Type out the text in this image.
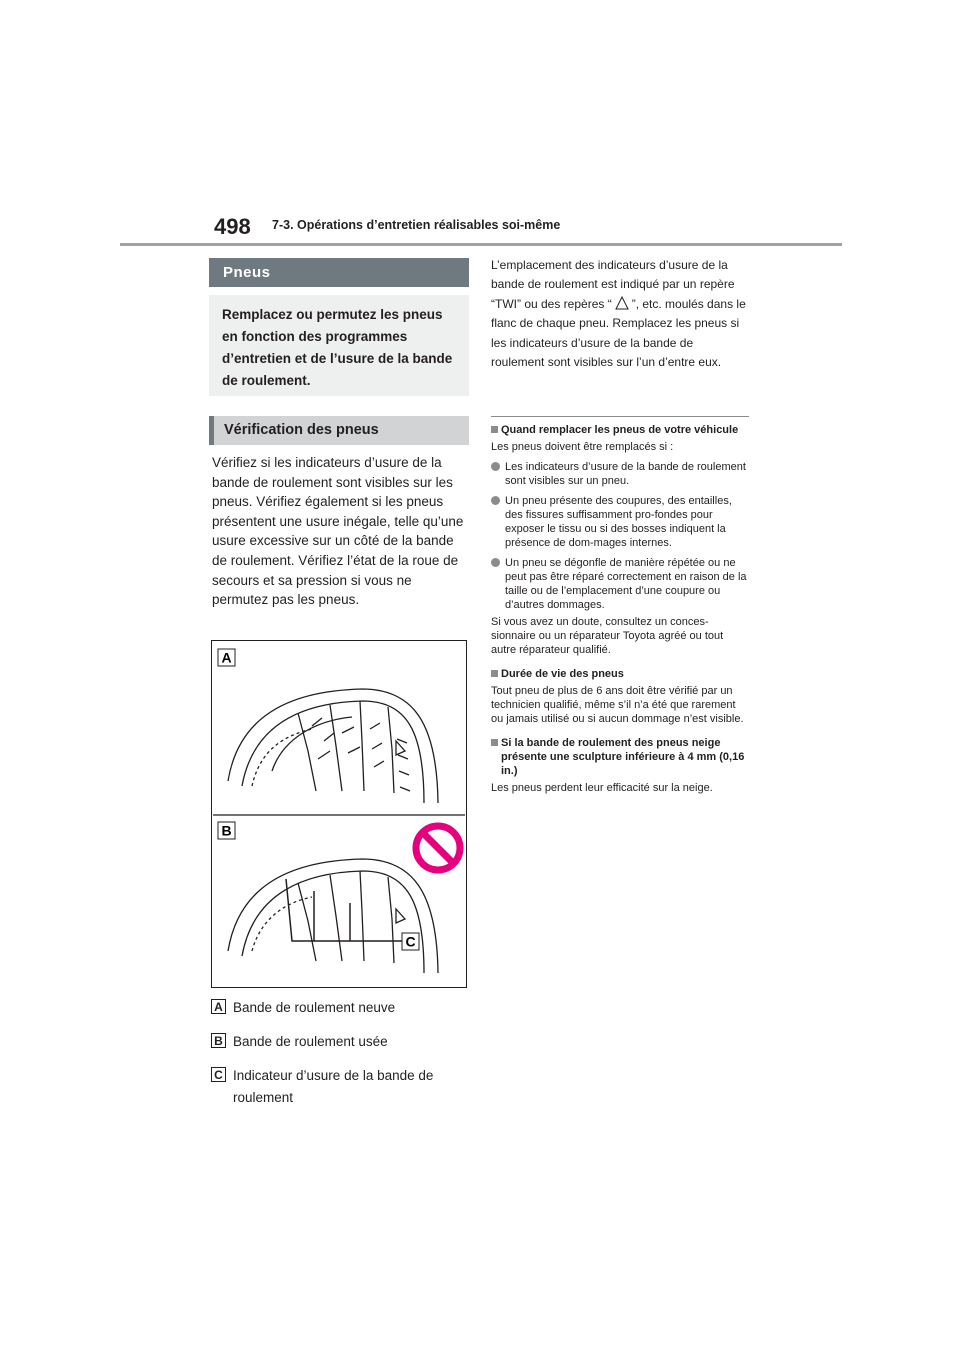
498 7-3. Opérations d’entretien réalisables soi-même
Pneus
Remplacez ou permutez les pneus en fonction des programmes d’entretien et de l’usure de la bande de roulement.
Vérification des pneus
Vérifiez si les indicateurs d’usure de la bande de roulement sont visibles sur les pneus. Vérifiez également si les pneus présentent une usure inégale, telle qu’une usure excessive sur un côté de la bande de roulement. Vérifiez l’état de la roue de secours et sa pression si vous ne permutez pas les pneus.
A
B
C
A Bande de roulement neuve
B Bande de roulement usée
C Indicateur d’usure de la bande de roulement
L’emplacement des indicateurs d’usure de la bande de roulement est indiqué par un repère “TWI” ou des repères “ ”, etc. moulés dans le flanc de chaque pneu. Remplacez les pneus si les indicateurs d’usure de la bande de roulement sont visibles sur l’un d’entre eux.
Quand remplacer les pneus de votre véhicule
Les pneus doivent être remplacés si :
Les indicateurs d’usure de la bande de roulement sont visibles sur un pneu.
Un pneu présente des coupures, des entailles, des fissures suffisamment pro-fondes pour exposer le tissu ou si des bosses indiquent la présence de dom-mages internes.
Un pneu se dégonfle de manière répétée ou ne peut pas être réparé correctement en raison de la taille ou de l’emplacement d’une coupure ou d’autres dommages.
Si vous avez un doute, consultez un conces-sionnaire ou un réparateur Toyota agréé ou tout autre réparateur qualifié.
Durée de vie des pneus
Tout pneu de plus de 6 ans doit être vérifié par un technicien qualifié, même s’il n’a été que rarement ou jamais utilisé ou si aucun dommage n’est visible.
Si la bande de roulement des pneus neige présente une sculpture inférieure à 4 mm (0,16 in.)
Les pneus perdent leur efficacité sur la neige.
